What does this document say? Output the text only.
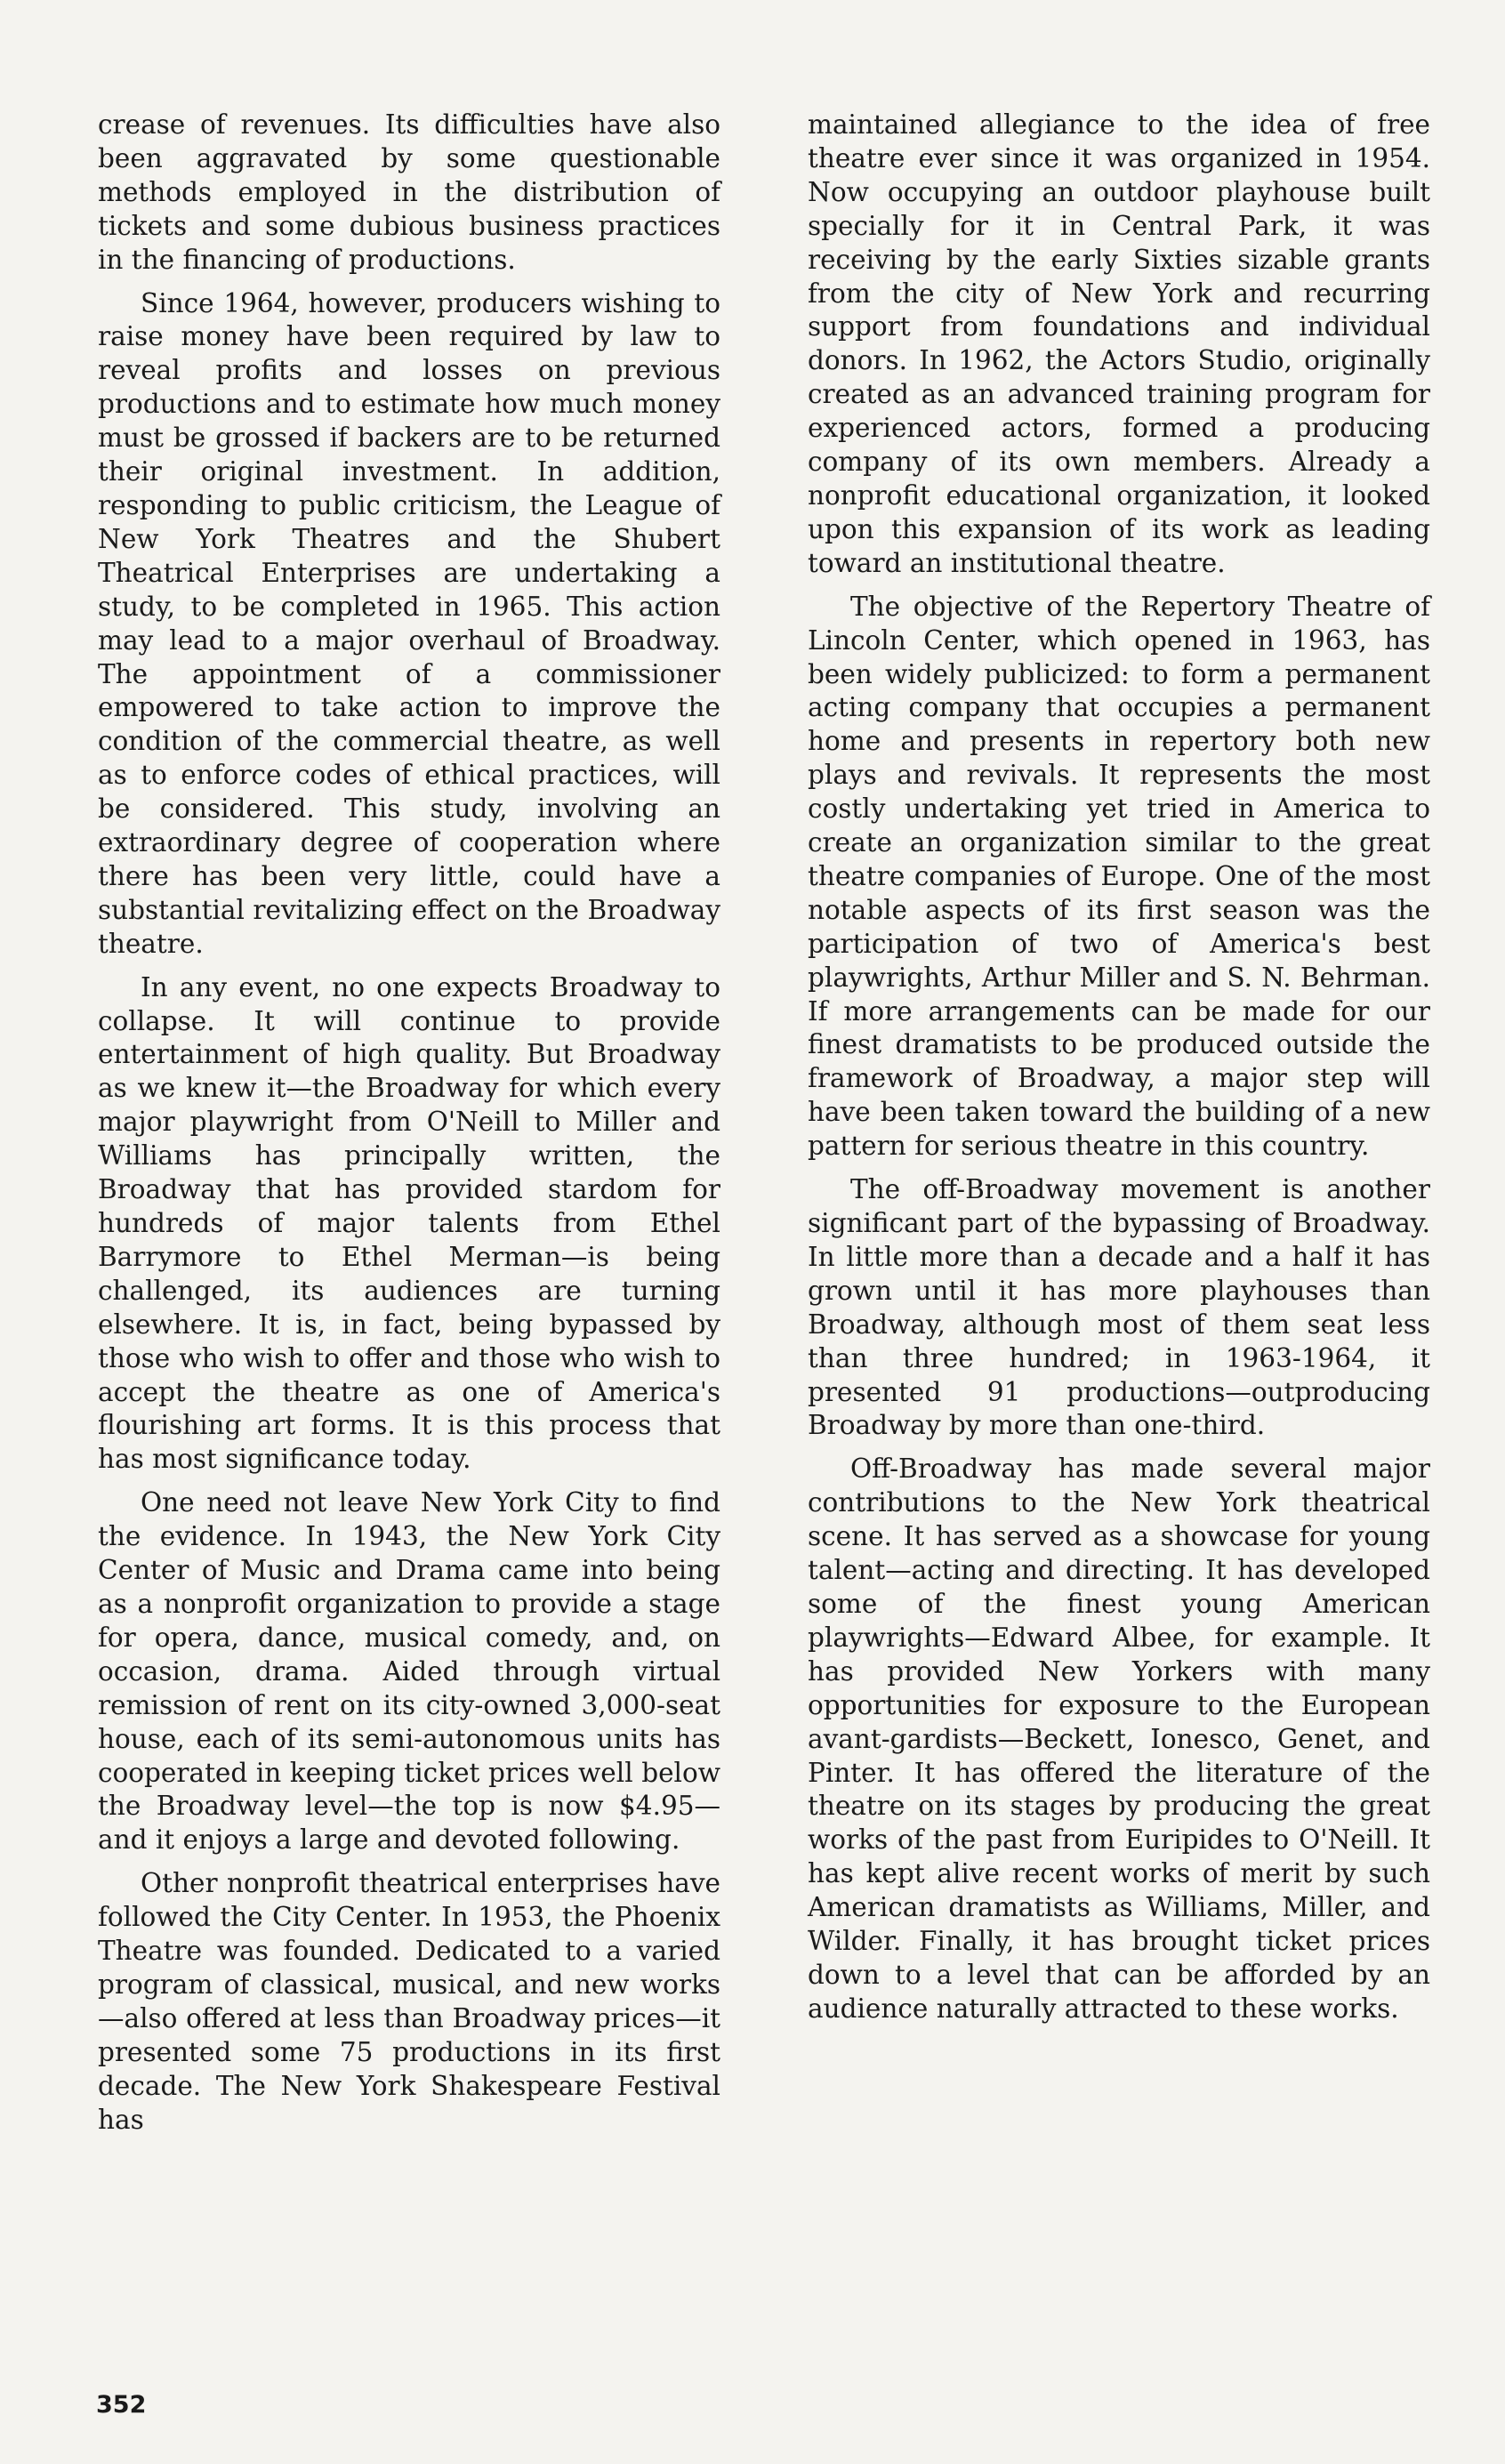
crease of revenues. Its difficulties have also been aggravated by some questionable methods employed in the distribution of tickets and some dubious business practices in the financing of productions.

Since 1964, however, producers wishing to raise money have been required by law to reveal profits and losses on previous productions and to estimate how much money must be grossed if backers are to be returned their original investment. In addition, responding to public criticism, the League of New York Theatres and the Shubert Theatrical Enterprises are undertaking a study, to be completed in 1965. This action may lead to a major overhaul of Broadway. The appointment of a commissioner empowered to take action to improve the condition of the commercial theatre, as well as to enforce codes of ethical practices, will be considered. This study, involving an extraordinary degree of cooperation where there has been very little, could have a substantial revitalizing effect on the Broadway theatre.

In any event, no one expects Broadway to collapse. It will continue to provide entertainment of high quality. But Broadway as we knew it—the Broadway for which every major playwright from O'Neill to Miller and Williams has principally written, the Broadway that has provided stardom for hundreds of major talents from Ethel Barrymore to Ethel Merman—is being challenged, its audiences are turning elsewhere. It is, in fact, being bypassed by those who wish to offer and those who wish to accept the theatre as one of America's flourishing art forms. It is this process that has most significance today.

One need not leave New York City to find the evidence. In 1943, the New York City Center of Music and Drama came into being as a nonprofit organization to provide a stage for opera, dance, musical comedy, and, on occasion, drama. Aided through virtual remission of rent on its city-owned 3,000-seat house, each of its semi-autonomous units has cooperated in keeping ticket prices well below the Broadway level—the top is now $4.95—and it enjoys a large and devoted following.

Other nonprofit theatrical enterprises have followed the City Center. In 1953, the Phoenix Theatre was founded. Dedicated to a varied program of classical, musical, and new works—also offered at less than Broadway prices—it presented some 75 productions in its first decade. The New York Shakespeare Festival has

maintained allegiance to the idea of free theatre ever since it was organized in 1954. Now occupying an outdoor playhouse built specially for it in Central Park, it was receiving by the early Sixties sizable grants from the city of New York and recurring support from foundations and individual donors. In 1962, the Actors Studio, originally created as an advanced training program for experienced actors, formed a producing company of its own members. Already a nonprofit educational organization, it looked upon this expansion of its work as leading toward an institutional theatre.

The objective of the Repertory Theatre of Lincoln Center, which opened in 1963, has been widely publicized: to form a permanent acting company that occupies a permanent home and presents in repertory both new plays and revivals. It represents the most costly undertaking yet tried in America to create an organization similar to the great theatre companies of Europe. One of the most notable aspects of its first season was the participation of two of America's best playwrights, Arthur Miller and S. N. Behrman. If more arrangements can be made for our finest dramatists to be produced outside the framework of Broadway, a major step will have been taken toward the building of a new pattern for serious theatre in this country.

The off-Broadway movement is another significant part of the bypassing of Broadway. In little more than a decade and a half it has grown until it has more playhouses than Broadway, although most of them seat less than three hundred; in 1963-1964, it presented 91 productions—outproducing Broadway by more than one-third.

Off-Broadway has made several major contributions to the New York theatrical scene. It has served as a showcase for young talent—acting and directing. It has developed some of the finest young American playwrights—Edward Albee, for example. It has provided New Yorkers with many opportunities for exposure to the European avant-gardists—Beckett, Ionesco, Genet, and Pinter. It has offered the literature of the theatre on its stages by producing the great works of the past from Euripides to O'Neill. It has kept alive recent works of merit by such American dramatists as Williams, Miller, and Wilder. Finally, it has brought ticket prices down to a level that can be afforded by an audience naturally attracted to these works.

352
